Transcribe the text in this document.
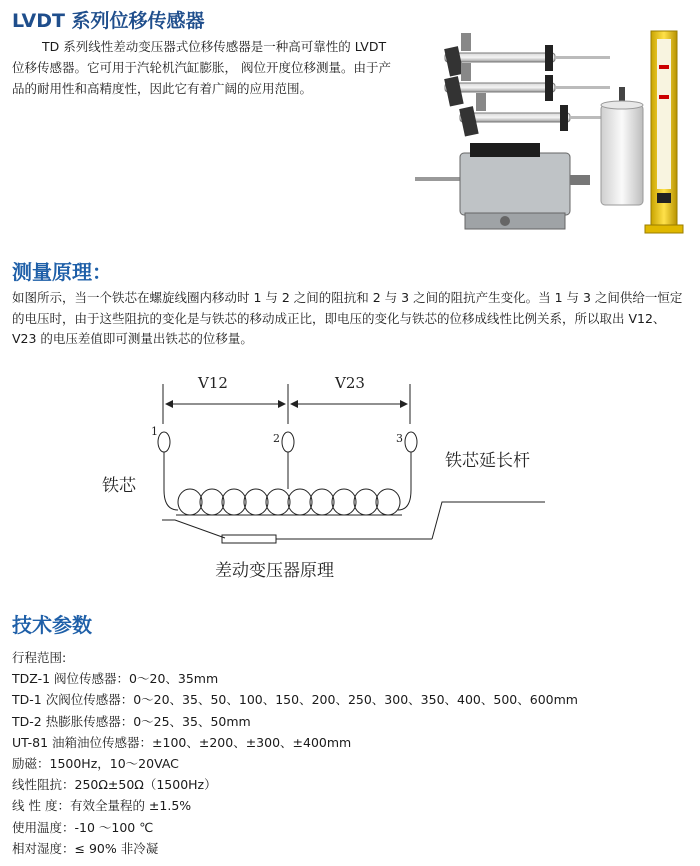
LVDT 系列位移传感器

TD 系列线性差动变压器式位移传感器是一种高可靠性的 LVDT 位移传感器。它可用于汽轮机汽缸膨胀， 阀位开度位移测量。由于产品的耐用性和高精度性，因此它有着广阔的应用范围。

测量原理：

如图所示，当一个铁芯在螺旋线圈内移动时 1 与 2 之间的阻抗和 2 与 3 之间的阻抗产生变化。当 1 与 3 之间供给一恒定的电压时，由于这些阻抗的变化是与铁芯的移动成正比，即电压的变化与铁芯的位移成线性比例关系，所以取出 V12、V23 的电压差值即可测量出铁芯的位移量。

V12	V23
1
2	3
铁芯
铁芯延长杆
差动变压器原理
技术参数
行程范围:
TDZ-1 阀位传感器：0～20、35mm
TD-1 次阀位传感器：0～20、35、50、100、150、200、250、300、350、400、500、600mm
TD-2 热膨胀传感器：0～25、35、50mm
UT-81 油箱油位传感器：±100、±200、±300、±400mm
励磁：1500Hz，10～20VAC
线性阻抗：250Ω±50Ω（1500Hz）
线 性 度：有效全量程的 ±1.5%
使用温度：-10 ～100 ℃
相对湿度：≤ 90% 非冷凝
